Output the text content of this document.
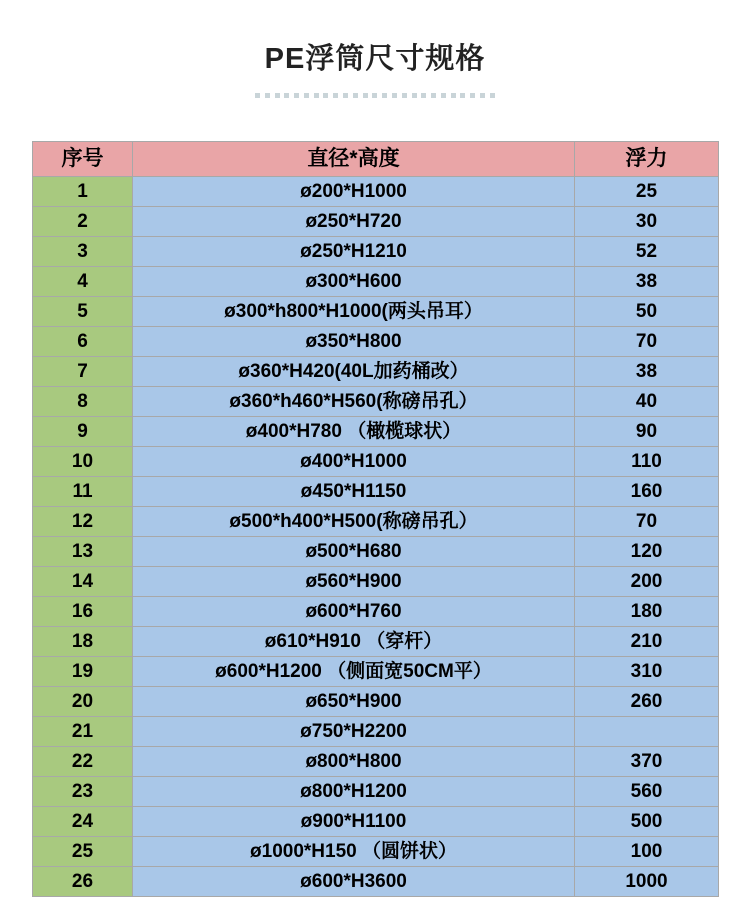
PE浮筒尺寸规格
序号	直径*高度	浮力
1	ø200*H1000	25
2	ø250*H720	30
3	ø250*H1210	52
4	ø300*H600	38
5	ø300*h800*H1000(两头吊耳）	50
6	ø350*H800	70
7	ø360*H420(40L加药桶改）	38
8	ø360*h460*H560(称磅吊孔）	40
9	ø400*H780 （橄榄球状）	90
10	ø400*H1000	110
11	ø450*H1150	160
12	ø500*h400*H500(称磅吊孔）	70
13	ø500*H680	120
14	ø560*H900	200
16	ø600*H760	180
18	ø610*H910 （穿杆）	210
19	ø600*H1200 （侧面宽50CM平）	310
20	ø650*H900	260
21	ø750*H2200	
22	ø800*H800	370
23	ø800*H1200	560
24	ø900*H1100	500
25	ø1000*H150 （圆饼状）	100
26	ø600*H3600	1000
